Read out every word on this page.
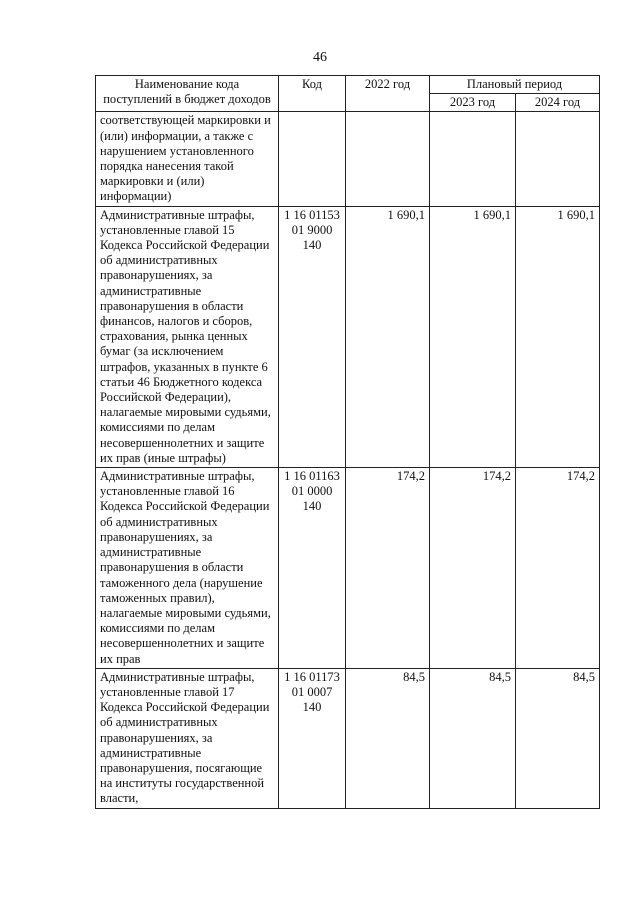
46
Наименование кода поступлений в бюджет доходов	Код	2022 год	Плановый период	
			2023 год	2024 год
соответствующей маркировки и (или) информации, а также с нарушением установленного порядка нанесения такой маркировки и (или) информации)				
Административные штрафы, установленные главой 15 Кодекса Российской Федерации об административных правонарушениях, за административные правонарушения в области финансов, налогов и сборов, страхования, рынка ценных бумаг (за исключением штрафов, указанных в пункте 6 статьи 46 Бюджетного кодекса Российской Федерации), налагаемые мировыми судьями, комиссиями по делам несовершеннолетних и защите их прав (иные штрафы)	1 16 01153 01 9000 140	1 690,1	1 690,1	1 690,1
Административные штрафы, установленные главой 16 Кодекса Российской Федерации об административных правонарушениях, за административные правонарушения в области таможенного дела (нарушение таможенных правил), налагаемые мировыми судьями, комиссиями по делам несовершеннолетних и защите их прав	1 16 01163 01 0000 140	174,2	174,2	174,2
Административные штрафы, установленные главой 17 Кодекса Российской Федерации об административных правонарушениях, за административные правонарушения, посягающие на институты государственной власти,	1 16 01173 01 0007 140	84,5	84,5	84,5
